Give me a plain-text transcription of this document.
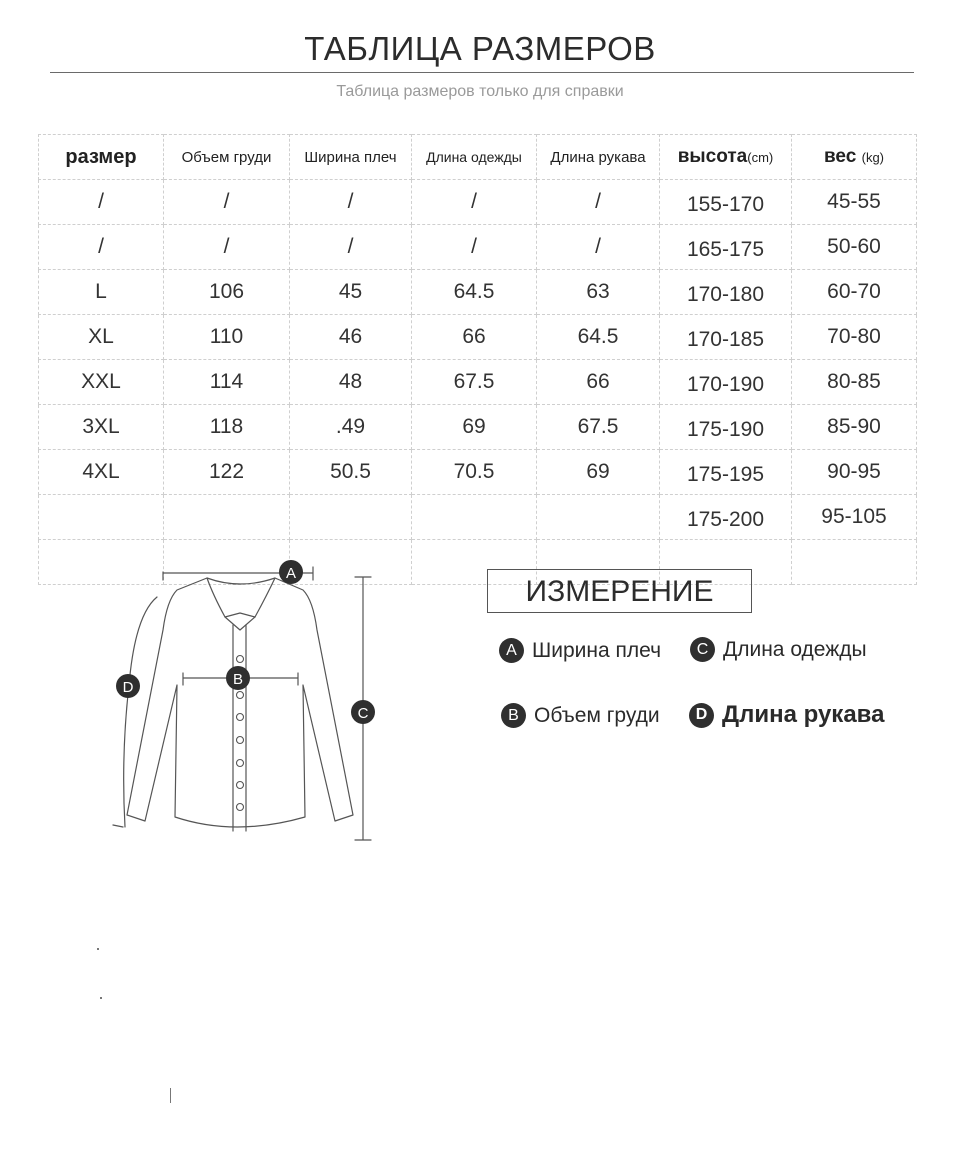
ТАБЛИЦА РАЗМЕРОВ
Таблица размеров только для справки
размер	Объем груди	Ширина плеч	Длина одежды	Длина рукава	высота(cm)	вес (kg)
/	/	/	/	/	155-170	45-55
/	/	/	/	/	165-175	50-60
L	106	45	64.5	63	170-180	60-70
XL	110	46	66	64.5	170-185	70-80
XXL	114	48	67.5	66	170-190	80-85
3XL	118	.49	69	67.5	175-190	85-90
4XL	122	50.5	70.5	69	175-195	90-95
					175-200	95-105

A
B
C
D
ИЗМЕРЕНИЕ
A Ширина плеч	C Длина одежды
B Объем груди	D Длина рукава
